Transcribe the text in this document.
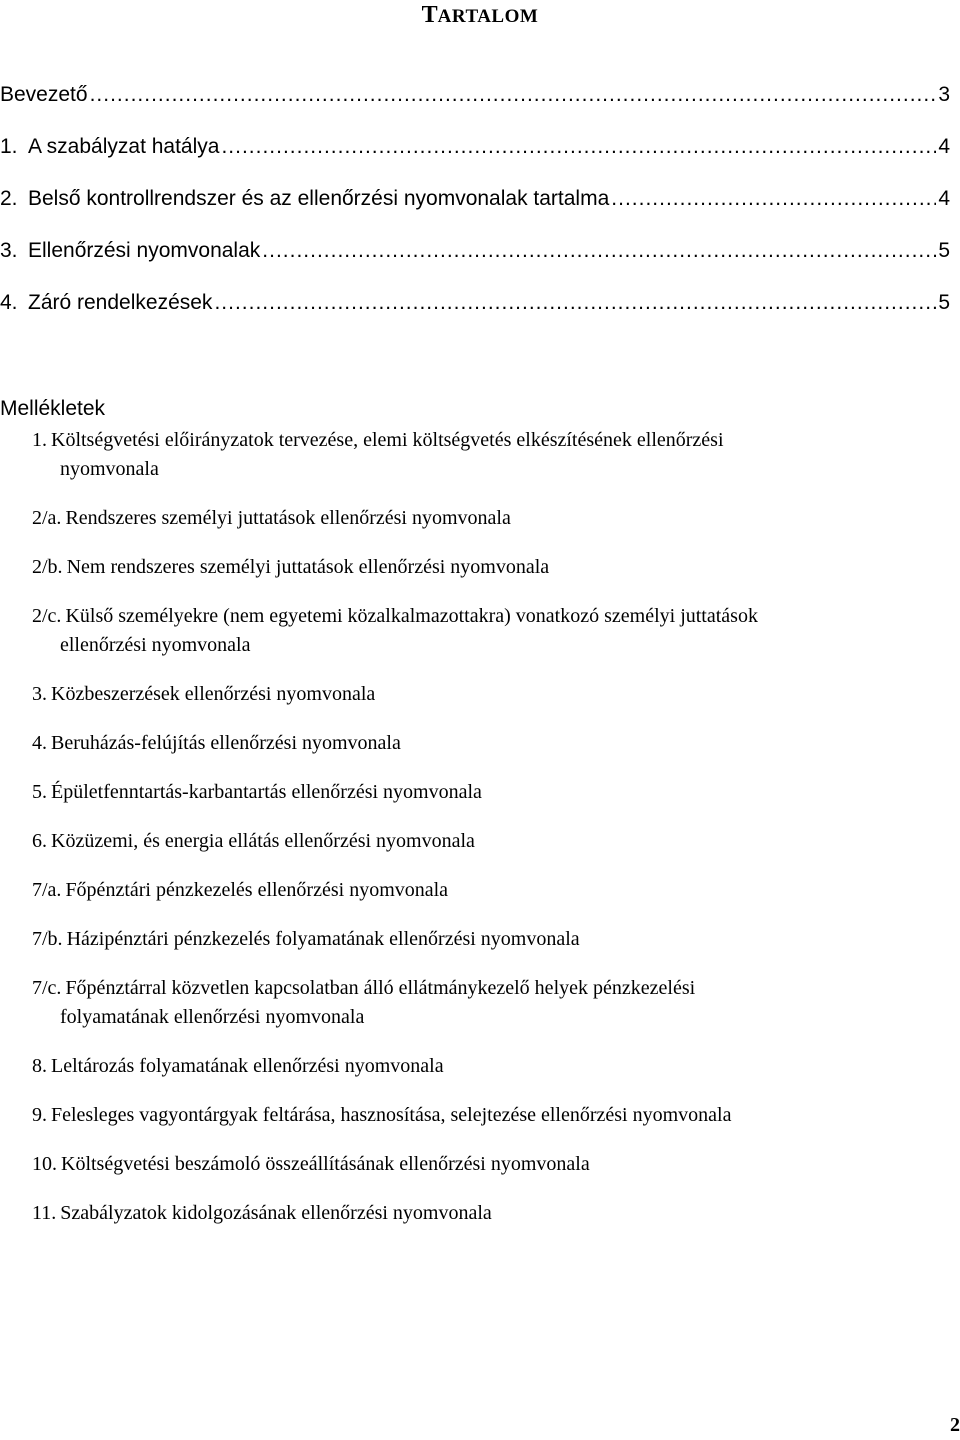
TARTALOM
Bevezető .....	3
1. A szabályzat hatálya .....	4
2. Belső kontrollrendszer és az ellenőrzési nyomvonalak tartalma .....	4
3. Ellenőrzési nyomvonalak .....	5
4. Záró rendelkezések .....	5
Mellékletek
1. Költségvetési előirányzatok tervezése, elemi költségvetés elkészítésének ellenőrzési
nyomvonala
2/a. Rendszeres személyi juttatások ellenőrzési nyomvonala
2/b. Nem rendszeres személyi juttatások ellenőrzési nyomvonala
2/c. Külső személyekre (nem egyetemi közalkalmazottakra) vonatkozó személyi juttatások
ellenőrzési nyomvonala
3. Közbeszerzések ellenőrzési nyomvonala
4. Beruházás-felújítás ellenőrzési nyomvonala
5. Épületfenntartás-karbantartás ellenőrzési nyomvonala
6. Közüzemi, és energia ellátás ellenőrzési nyomvonala
7/a. Főpénztári pénzkezelés ellenőrzési nyomvonala
7/b. Házipénztári pénzkezelés folyamatának ellenőrzési nyomvonala
7/c. Főpénztárral közvetlen kapcsolatban álló ellátmánykezelő helyek pénzkezelési
folyamatának ellenőrzési nyomvonala
8. Leltározás folyamatának ellenőrzési nyomvonala
9. Felesleges vagyontárgyak feltárása, hasznosítása, selejtezése ellenőrzési nyomvonala
10. Költségvetési beszámoló összeállításának ellenőrzési nyomvonala
11. Szabályzatok kidolgozásának ellenőrzési nyomvonala
2
